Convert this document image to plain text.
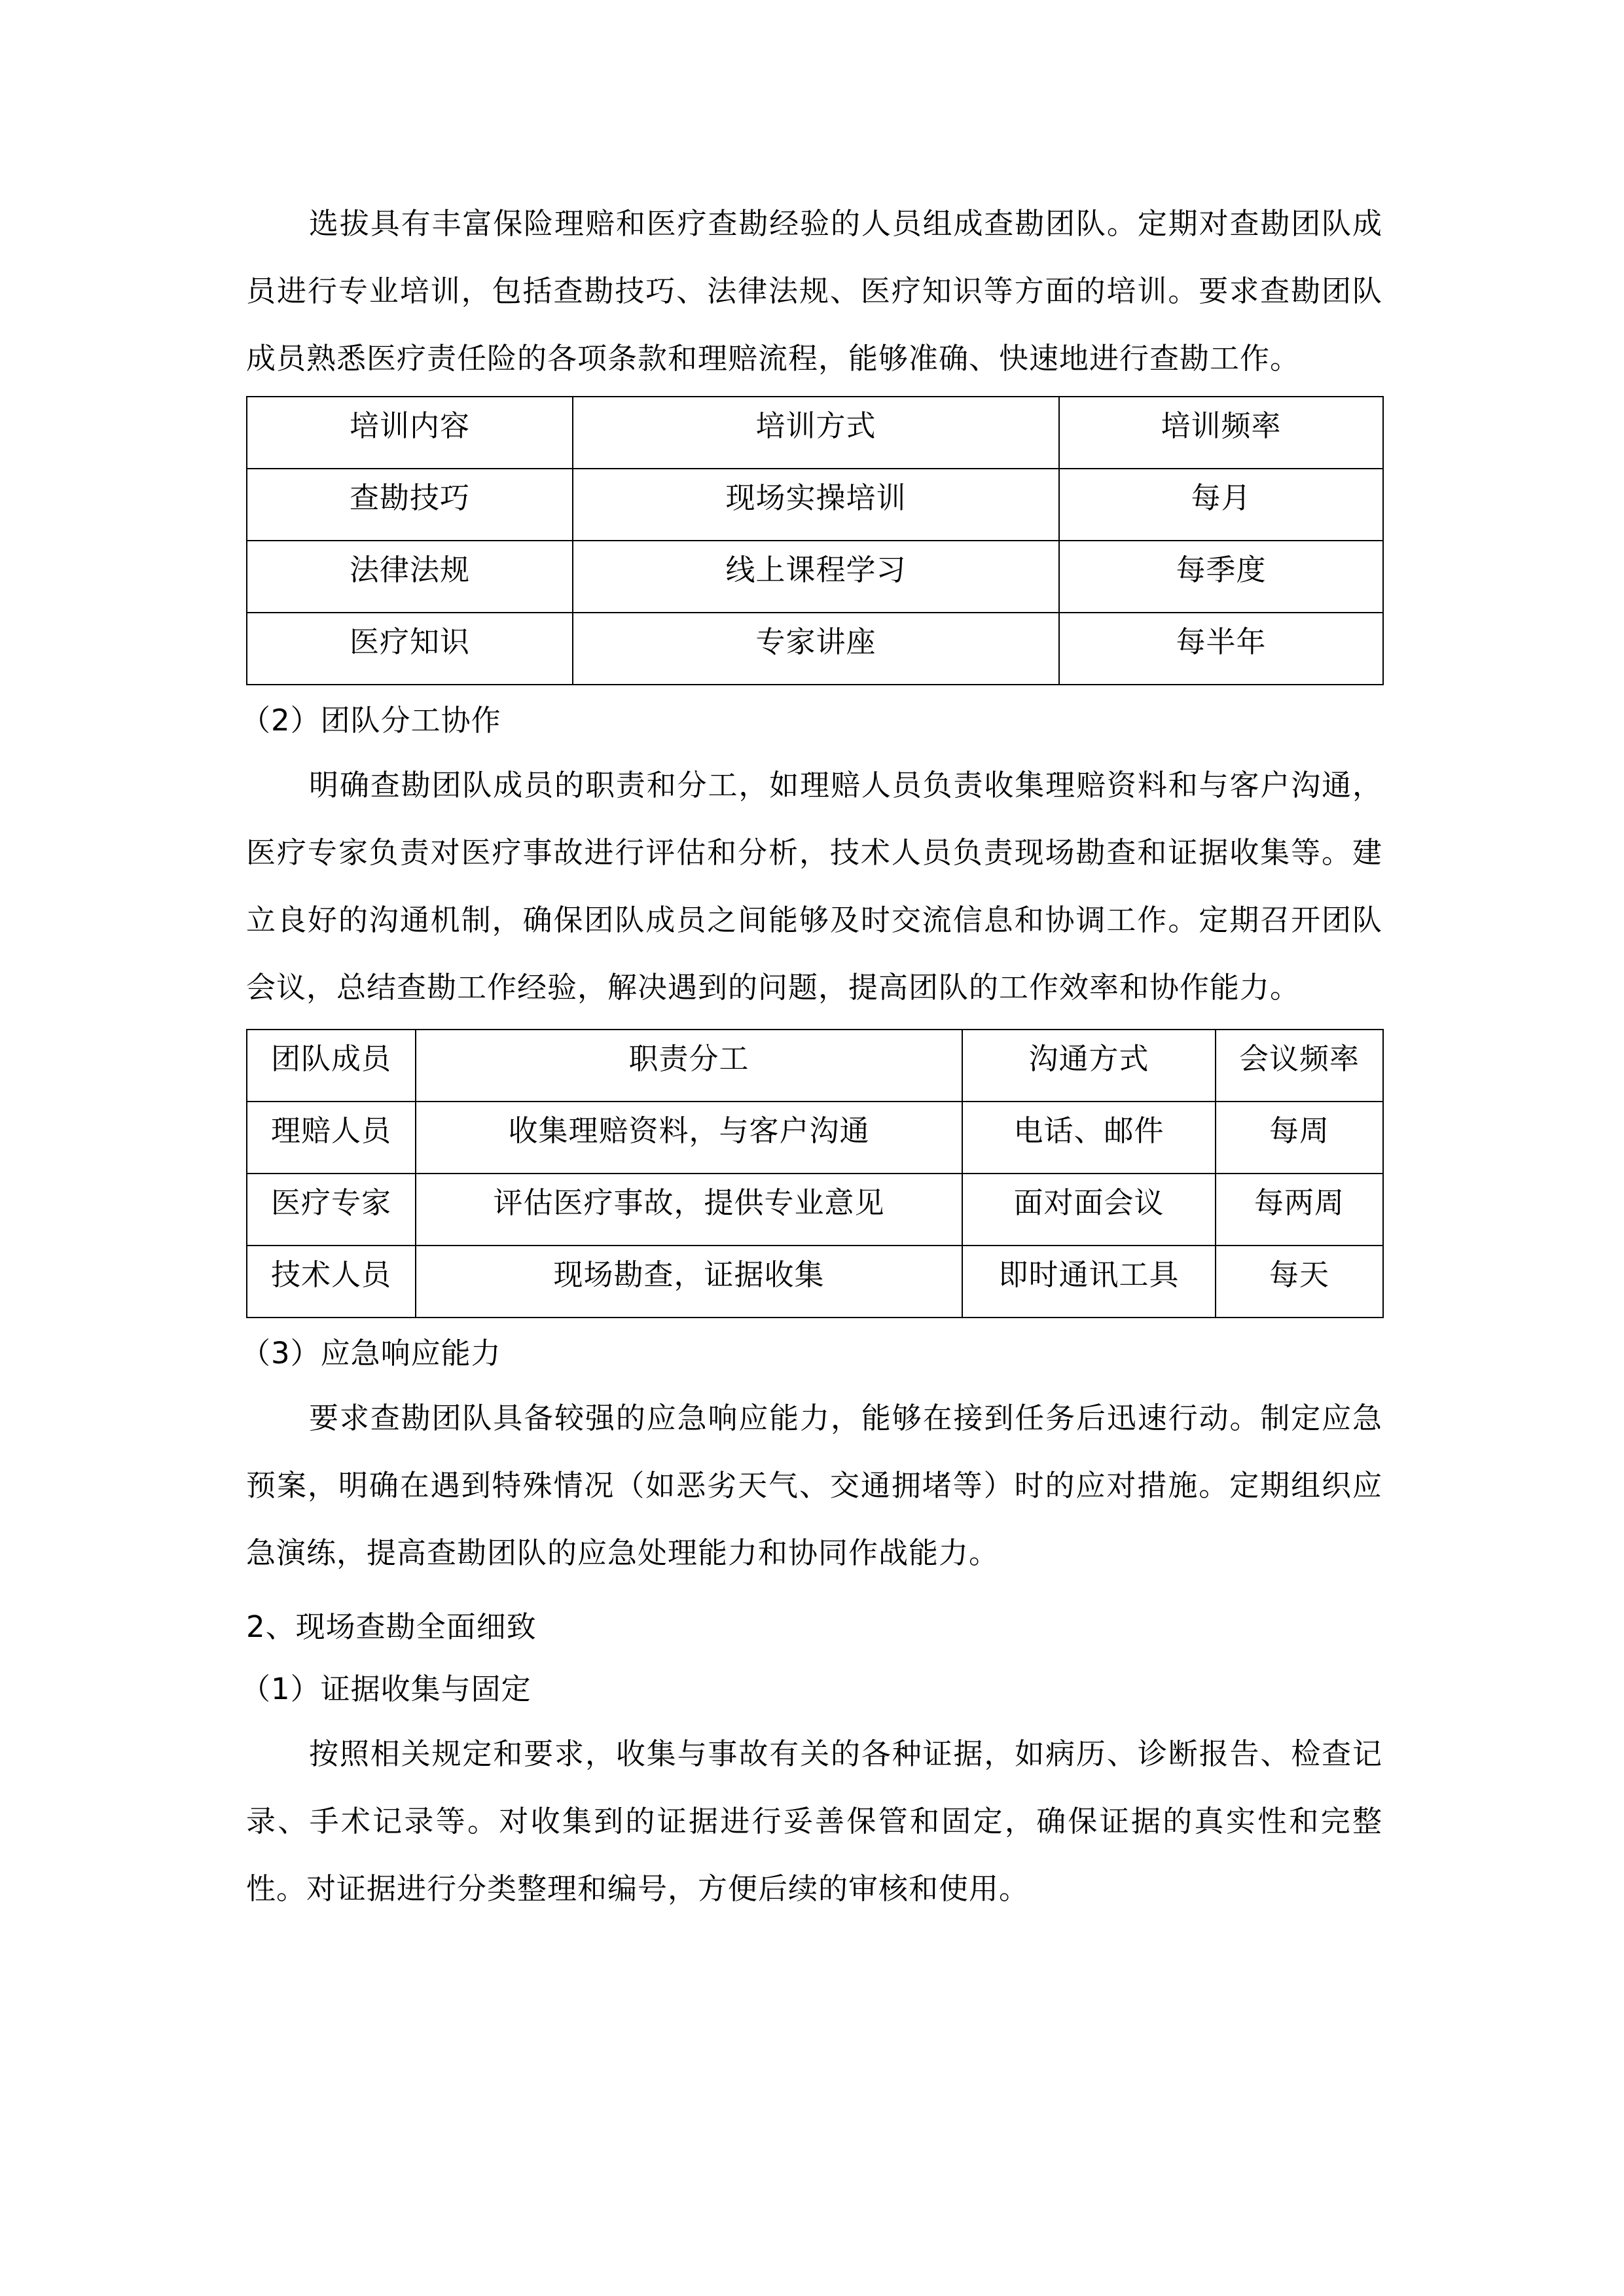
选拔具有丰富保险理赔和医疗查勘经验的人员组成查勘团队。定期对查勘团队成员进行专业培训，包括查勘技巧、法律法规、医疗知识等方面的培训。要求查勘团队成员熟悉医疗责任险的各项条款和理赔流程，能够准确、快速地进行查勘工作。

培训内容	培训方式	培训频率
查勘技巧	现场实操培训	每月
法律法规	线上课程学习	每季度
医疗知识	专家讲座	每半年

（2）团队分工协作

明确查勘团队成员的职责和分工，如理赔人员负责收集理赔资料和与客户沟通，医疗专家负责对医疗事故进行评估和分析，技术人员负责现场勘查和证据收集等。建立良好的沟通机制，确保团队成员之间能够及时交流信息和协调工作。定期召开团队会议，总结查勘工作经验，解决遇到的问题，提高团队的工作效率和协作能力。

团队成员	职责分工	沟通方式	会议频率
理赔人员	收集理赔资料，与客户沟通	电话、邮件	每周
医疗专家	评估医疗事故，提供专业意见	面对面会议	每两周
技术人员	现场勘查，证据收集	即时通讯工具	每天

（3）应急响应能力

要求查勘团队具备较强的应急响应能力，能够在接到任务后迅速行动。制定应急预案，明确在遇到特殊情况（如恶劣天气、交通拥堵等）时的应对措施。定期组织应急演练，提高查勘团队的应急处理能力和协同作战能力。

2、现场查勘全面细致

（1）证据收集与固定

按照相关规定和要求，收集与事故有关的各种证据，如病历、诊断报告、检查记录、手术记录等。对收集到的证据进行妥善保管和固定，确保证据的真实性和完整性。对证据进行分类整理和编号，方便后续的审核和使用。
